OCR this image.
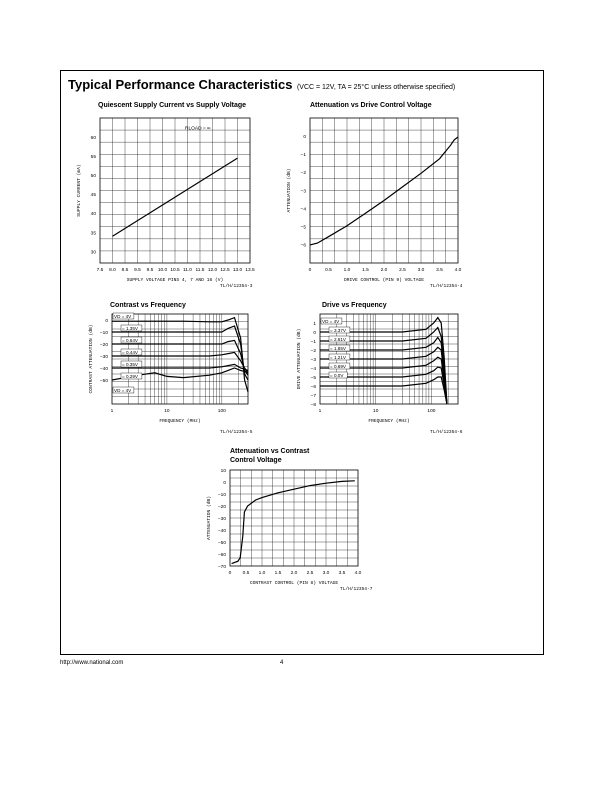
Typical Performance Characteristics (VCC = 12V, TA = 25°C unless otherwise specified)
Quiescent Supply Current vs Supply Voltage
7.5 8.0 8.5 9.5 9.5 10.0 10.5 11.0 11.5 12.0 12.5 13.0 13.5
30
35
40
45
50
55
60
SUPPLY VOLTAGE PINS 4, 7 AND 16 (V)
SUPPLY CURRENT (mA)
RLOAD = ∞
TL/H/12354-3
Attenuation vs Drive Control Voltage
0	0.5 1.0 1.5 2.0 2.5 3.0 3.5 4.0
0
−1
−2
−3
−4
−5
−6
DRIVE CONTROL (PIN 9) VOLTAGE
ATTENUATION (dB)
TL/H/12354-4
Contrast vs Frequency
1	10	100
0
−10
−20
−30
−40
−50
FREQUENCY (MHz)
CONTRAST ATTENUATION (dB)
VD = 4V
= 1.35V
= 0.64V
= 0.44V
= 0.35V
= 0.29V
VD = 4V
TL/H/12354-5
Drive vs Frequency
1	10	100
1
0
−1
−2
−3
−4
−5
−6
−7
−8
FREQUENCY (MHz)
DRIVE ATTENUATION (dB)
VD = 4V
= 3.37V
= 2.61V
= 1.85V
= 1.21V
= 0.69V
= 0.0V
TL/H/12354-6
Attenuation vs Contrast
Control Voltage
0 0.5 1.0 1.5 2.0 2.5 3.0 3.5 4.0
10
0
−10
−20
−30
−40
−50
−60
−70
CONTRAST CONTROL (PIN 8) VOLTAGE
ATTENUATION (dB)
TL/H/12354-7
http://www.national.com	4
